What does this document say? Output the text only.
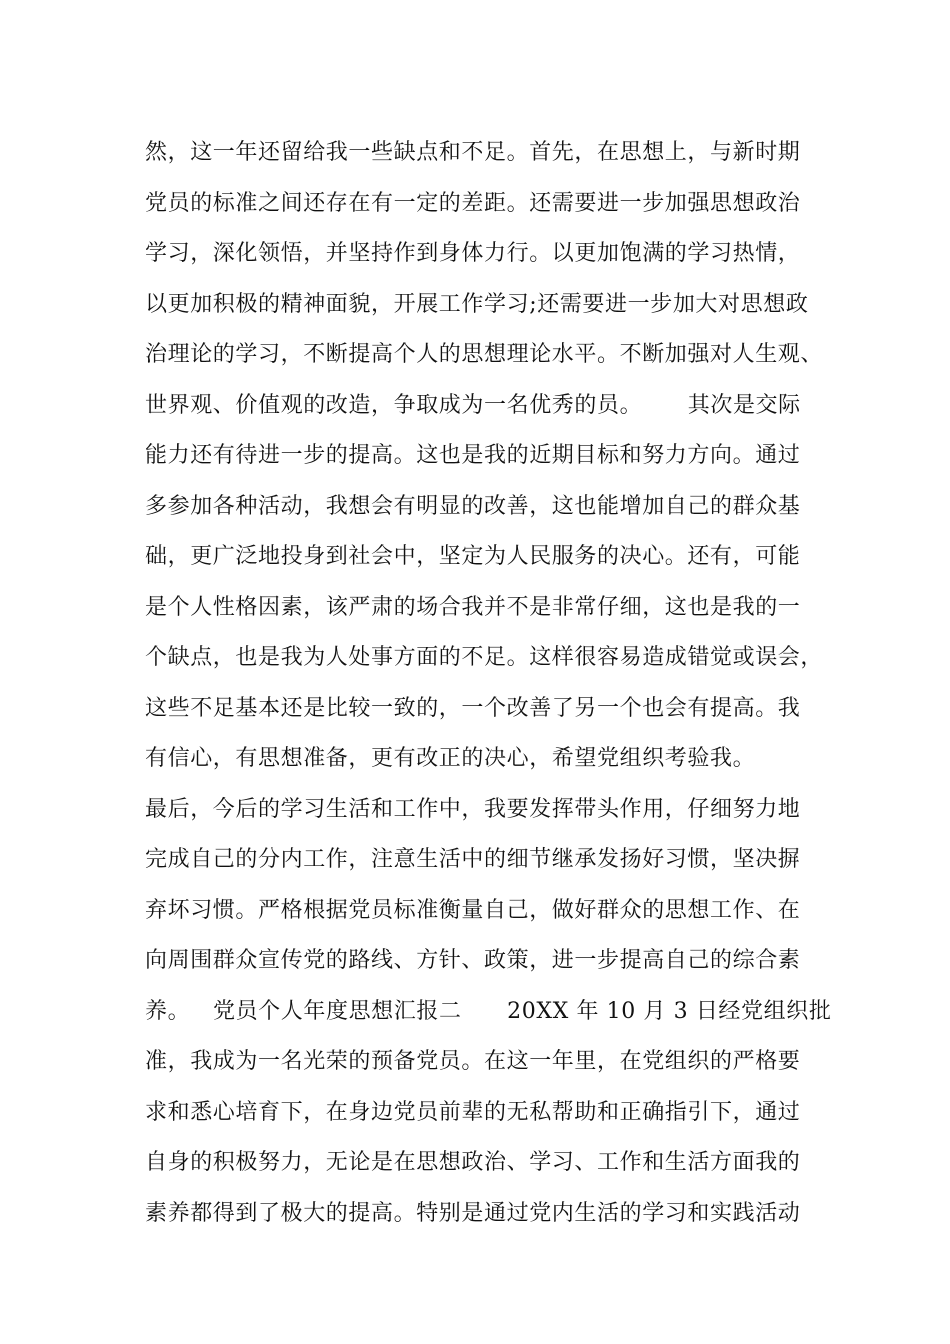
然，这一年还留给我一些缺点和不足。首先，在思想上，与新时期
党员的标准之间还存在有一定的差距。还需要进一步加强思想政治
学习，深化领悟，并坚持作到身体力行。以更加饱满的学习热情，
以更加积极的精神面貌，开展工作学习;还需要进一步加大对思想政
治理论的学习，不断提高个人的思想理论水平。不断加强对人生观、
世界观、价值观的改造，争取成为一名优秀的员。      其次是交际
能力还有待进一步的提高。这也是我的近期目标和努力方向。通过
多参加各种活动，我想会有明显的改善，这也能增加自己的群众基
础，更广泛地投身到社会中，坚定为人民服务的决心。还有，可能
是个人性格因素，该严肃的场合我并不是非常仔细，这也是我的一
个缺点，也是我为人处事方面的不足。这样很容易造成错觉或误会，
这些不足基本还是比较一致的，一个改善了另一个也会有提高。我
有信心，有思想准备，更有改正的决心，希望党组织考验我。
最后，今后的学习生活和工作中，我要发挥带头作用，仔细努力地
完成自己的分内工作，注意生活中的细节继承发扬好习惯，坚决摒
弃坏习惯。严格根据党员标准衡量自己，做好群众的思想工作、在
向周围群众宣传党的路线、方针、政策，进一步提高自己的综合素
养。   党员个人年度思想汇报二      20XX 年 10 月 3 日经党组织批
准，我成为一名光荣的预备党员。在这一年里，在党组织的严格要
求和悉心培育下，在身边党员前辈的无私帮助和正确指引下，通过
自身的积极努力，无论是在思想政治、学习、工作和生活方面我的
素养都得到了极大的提高。特别是通过党内生活的学习和实践活动
